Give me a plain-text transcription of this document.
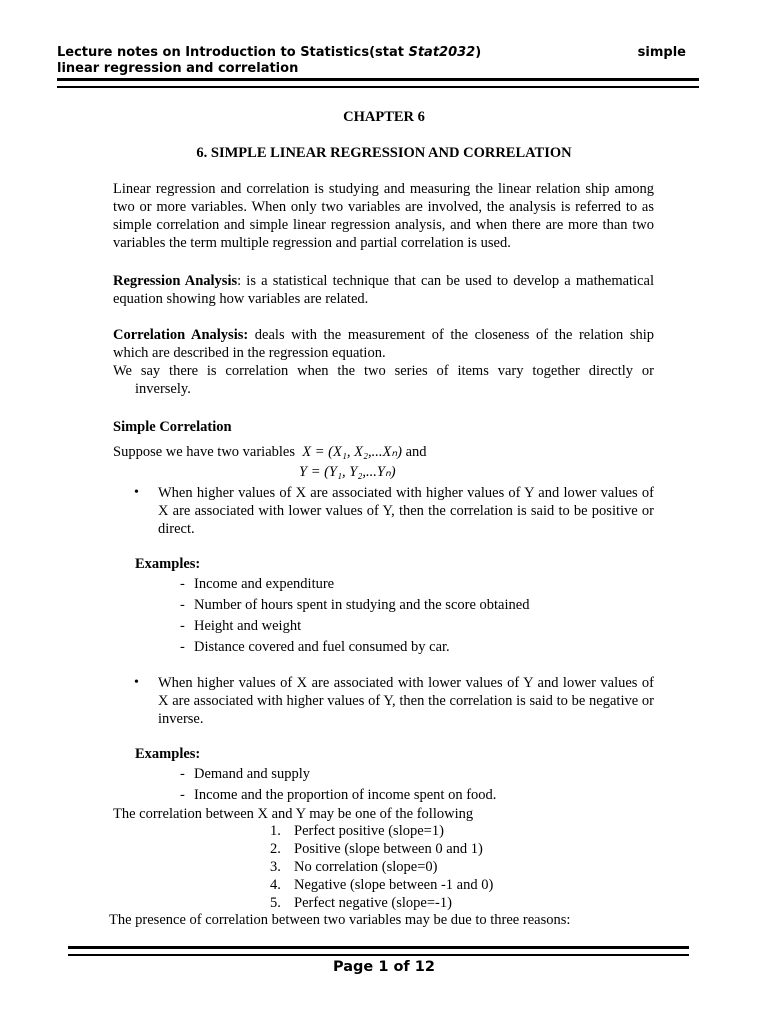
Lecture notes on Introduction to Statistics(stat Stat2032)	simple
linear regression and correlation
CHAPTER 6
6. SIMPLE LINEAR REGRESSION AND CORRELATION
Linear regression and correlation is studying and measuring the linear relation ship among two or more variables. When only two variables are involved, the analysis is referred to as simple correlation and simple linear regression analysis, and when there are more than two variables the term multiple regression and partial correlation is used.
Regression Analysis: is a statistical technique that can be used to develop a mathematical equation showing how variables are related.
Correlation Analysis: deals with the measurement of the closeness of the relation ship which are described in the regression equation.
We say there is correlation when the two series of items vary together directly or
inversely.
Simple Correlation
Suppose we have two variables X = (X₁, X₂,...Xₙ) and
Y = (Y₁, Y₂,...Yₙ)
• When higher values of X are associated with higher values of Y and lower values of X are associated with lower values of Y, then the correlation is said to be positive or direct.
Examples:
- Income and expenditure
- Number of hours spent in studying and the score obtained
- Height and weight
- Distance covered and fuel consumed by car.
• When higher values of X are associated with lower values of Y and lower values of X are associated with higher values of Y, then the correlation is said to be negative or inverse.
Examples:
- Demand and supply
- Income and the proportion of income spent on food.
The correlation between X and Y may be one of the following
1. Perfect positive (slope=1)
2. Positive (slope between 0 and 1)
3. No correlation (slope=0)
4. Negative (slope between -1 and 0)
5. Perfect negative (slope=-1)
The presence of correlation between two variables may be due to three reasons:
Page 1 of 12
